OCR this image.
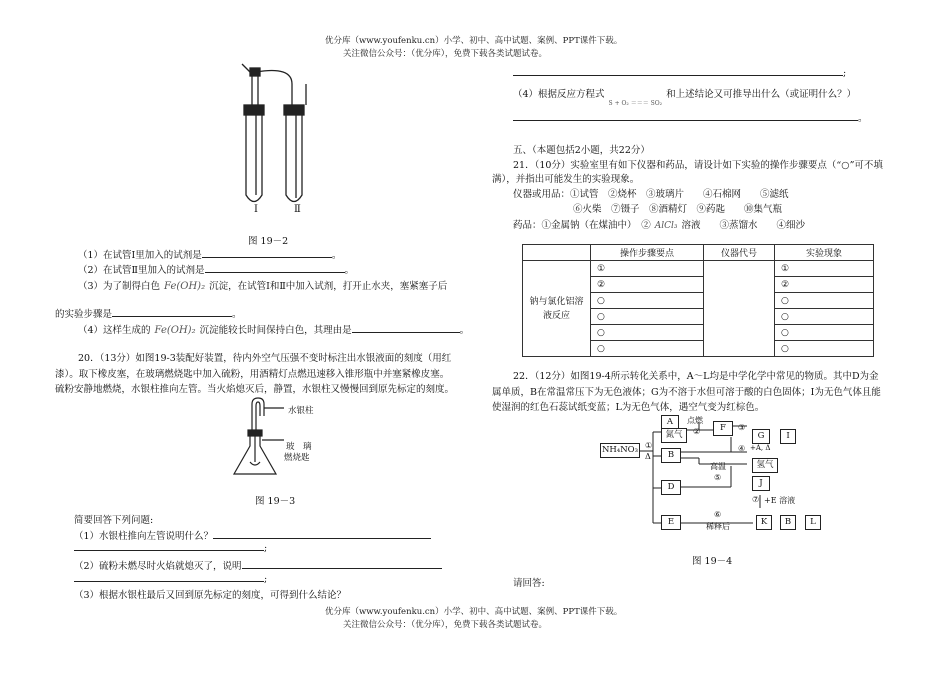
优分库（www.youfenku.cn）小学、初中、高中试题、案例、PPT课件下载。
关注微信公众号：（优分库），免费下载各类试题试卷。
Ⅰ	Ⅱ
图 19－2
（1）在试管Ⅰ里加入的试剂是	。
（2）在试管Ⅱ里加入的试剂是	。
（3）为了制得白色 Fe(OH)₂ 沉淀，在试管Ⅰ和Ⅱ中加入试剂，打开止水夹，塞紧塞子后
的实验步骤是	。
（4）这样生成的 Fe(OH)₂ 沉淀能较长时间保持白色，其理由是	。
20．（13分）如图19-3装配好装置，待内外空气压强不变时标注出水银液面的刻度（用红
漆）。取下橡皮塞，在玻璃燃烧匙中加入硫粉，用酒精灯点燃迅速移入锥形瓶中并塞紧橡皮塞。
硫粉安静地燃烧，水银柱推向左管。当火焰熄灭后，静置，水银柱又慢慢回到原先标定的刻度。
水银柱
玻　璃
燃烧匙
图 19－3
简要回答下列问题:
（1）水银柱推向左管说明什么？
;
（2）硫粉未燃尽时火焰就熄灭了，说明
;
（3）根据水银柱最后又回到原先标定的刻度，可得到什么结论？
;
（4）根据反应方程式$_{S + O_2 === SO_2}$和上述结论又可推导出什么（或证明什么？）
。
五、（本题包括2小题，共22分）
21．（10分）实验室里有如下仪器和药品，请设计如下实验的操作步骤要点（“○”可不填
满），并指出可能发生的实验现象。
仪器或用品：①试管　②烧杯　③玻璃片　　④石棉网　　⑤滤纸
⑥火柴　⑦镊子　⑧酒精灯　⑨药匙　　⑩集气瓶
药品：①金属钠（在煤油中）　② AlCl₃ 溶液　　③蒸馏水　　④细沙
	操作步骤要点	仪器代号	实验现象
钠与氯化铝溶液反应	①		①
	②		②
	○		○
	○		○
	○		○
	○		○
22．（12分）如图19-4所示转化关系中，A～L均是中学化学中常见的物质。其中D为金
属单质，B在常温常压下为无色液体；G为不溶于水但可溶于酸的白色固体；I为无色气体且能
使湿润的红色石蕊试纸变蓝；L为无色气体，遇空气变为红棕色。
NH₄NO₃
A
氮气
B
F
G	I
氢气
J
D
E	K	B	L
①
Δ
点燃
②	③
④ +A, Δ
高温
⑤
⑦ +E 溶液
⑥
稀释后
图 19－4
请回答:
优分库（www.youfenku.cn）小学、初中、高中试题、案例、PPT课件下载。
关注微信公众号：（优分库），免费下载各类试题试卷。
